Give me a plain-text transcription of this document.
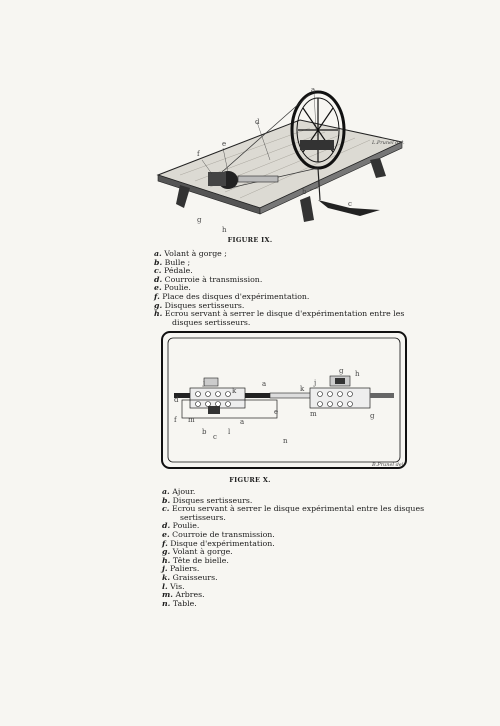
a
b
c
d
e
f
g
h
L.Prunel del.
FIGURE IX.
a. Volant à gorge ;
b. Bulle ;
c. Pédale.
d. Courroie à transmission.
e. Poulie.
f. Place des disques d'expérimentation.
g. Disques sertisseurs.
h. Ecrou servant à serrer le disque d'expérimentation entre les
disques sertisseurs.
j
k
a
d
f m
b
c
l
a
e
k
j
g h
m	g
n
B.Prunel del.
FIGURE X.
a. Ajour.
b. Disques sertisseurs.
c. Ecrou servant à serrer le disque expérimental entre les disques
sertisseurs.
d. Poulie.
e. Courroie de transmission.
f. Disque d'expérimentation.
g. Volant à gorge.
h. Tête de bielle.
j. Paliers.
k. Graisseurs.
l. Vis.
m. Arbres.
n. Table.
